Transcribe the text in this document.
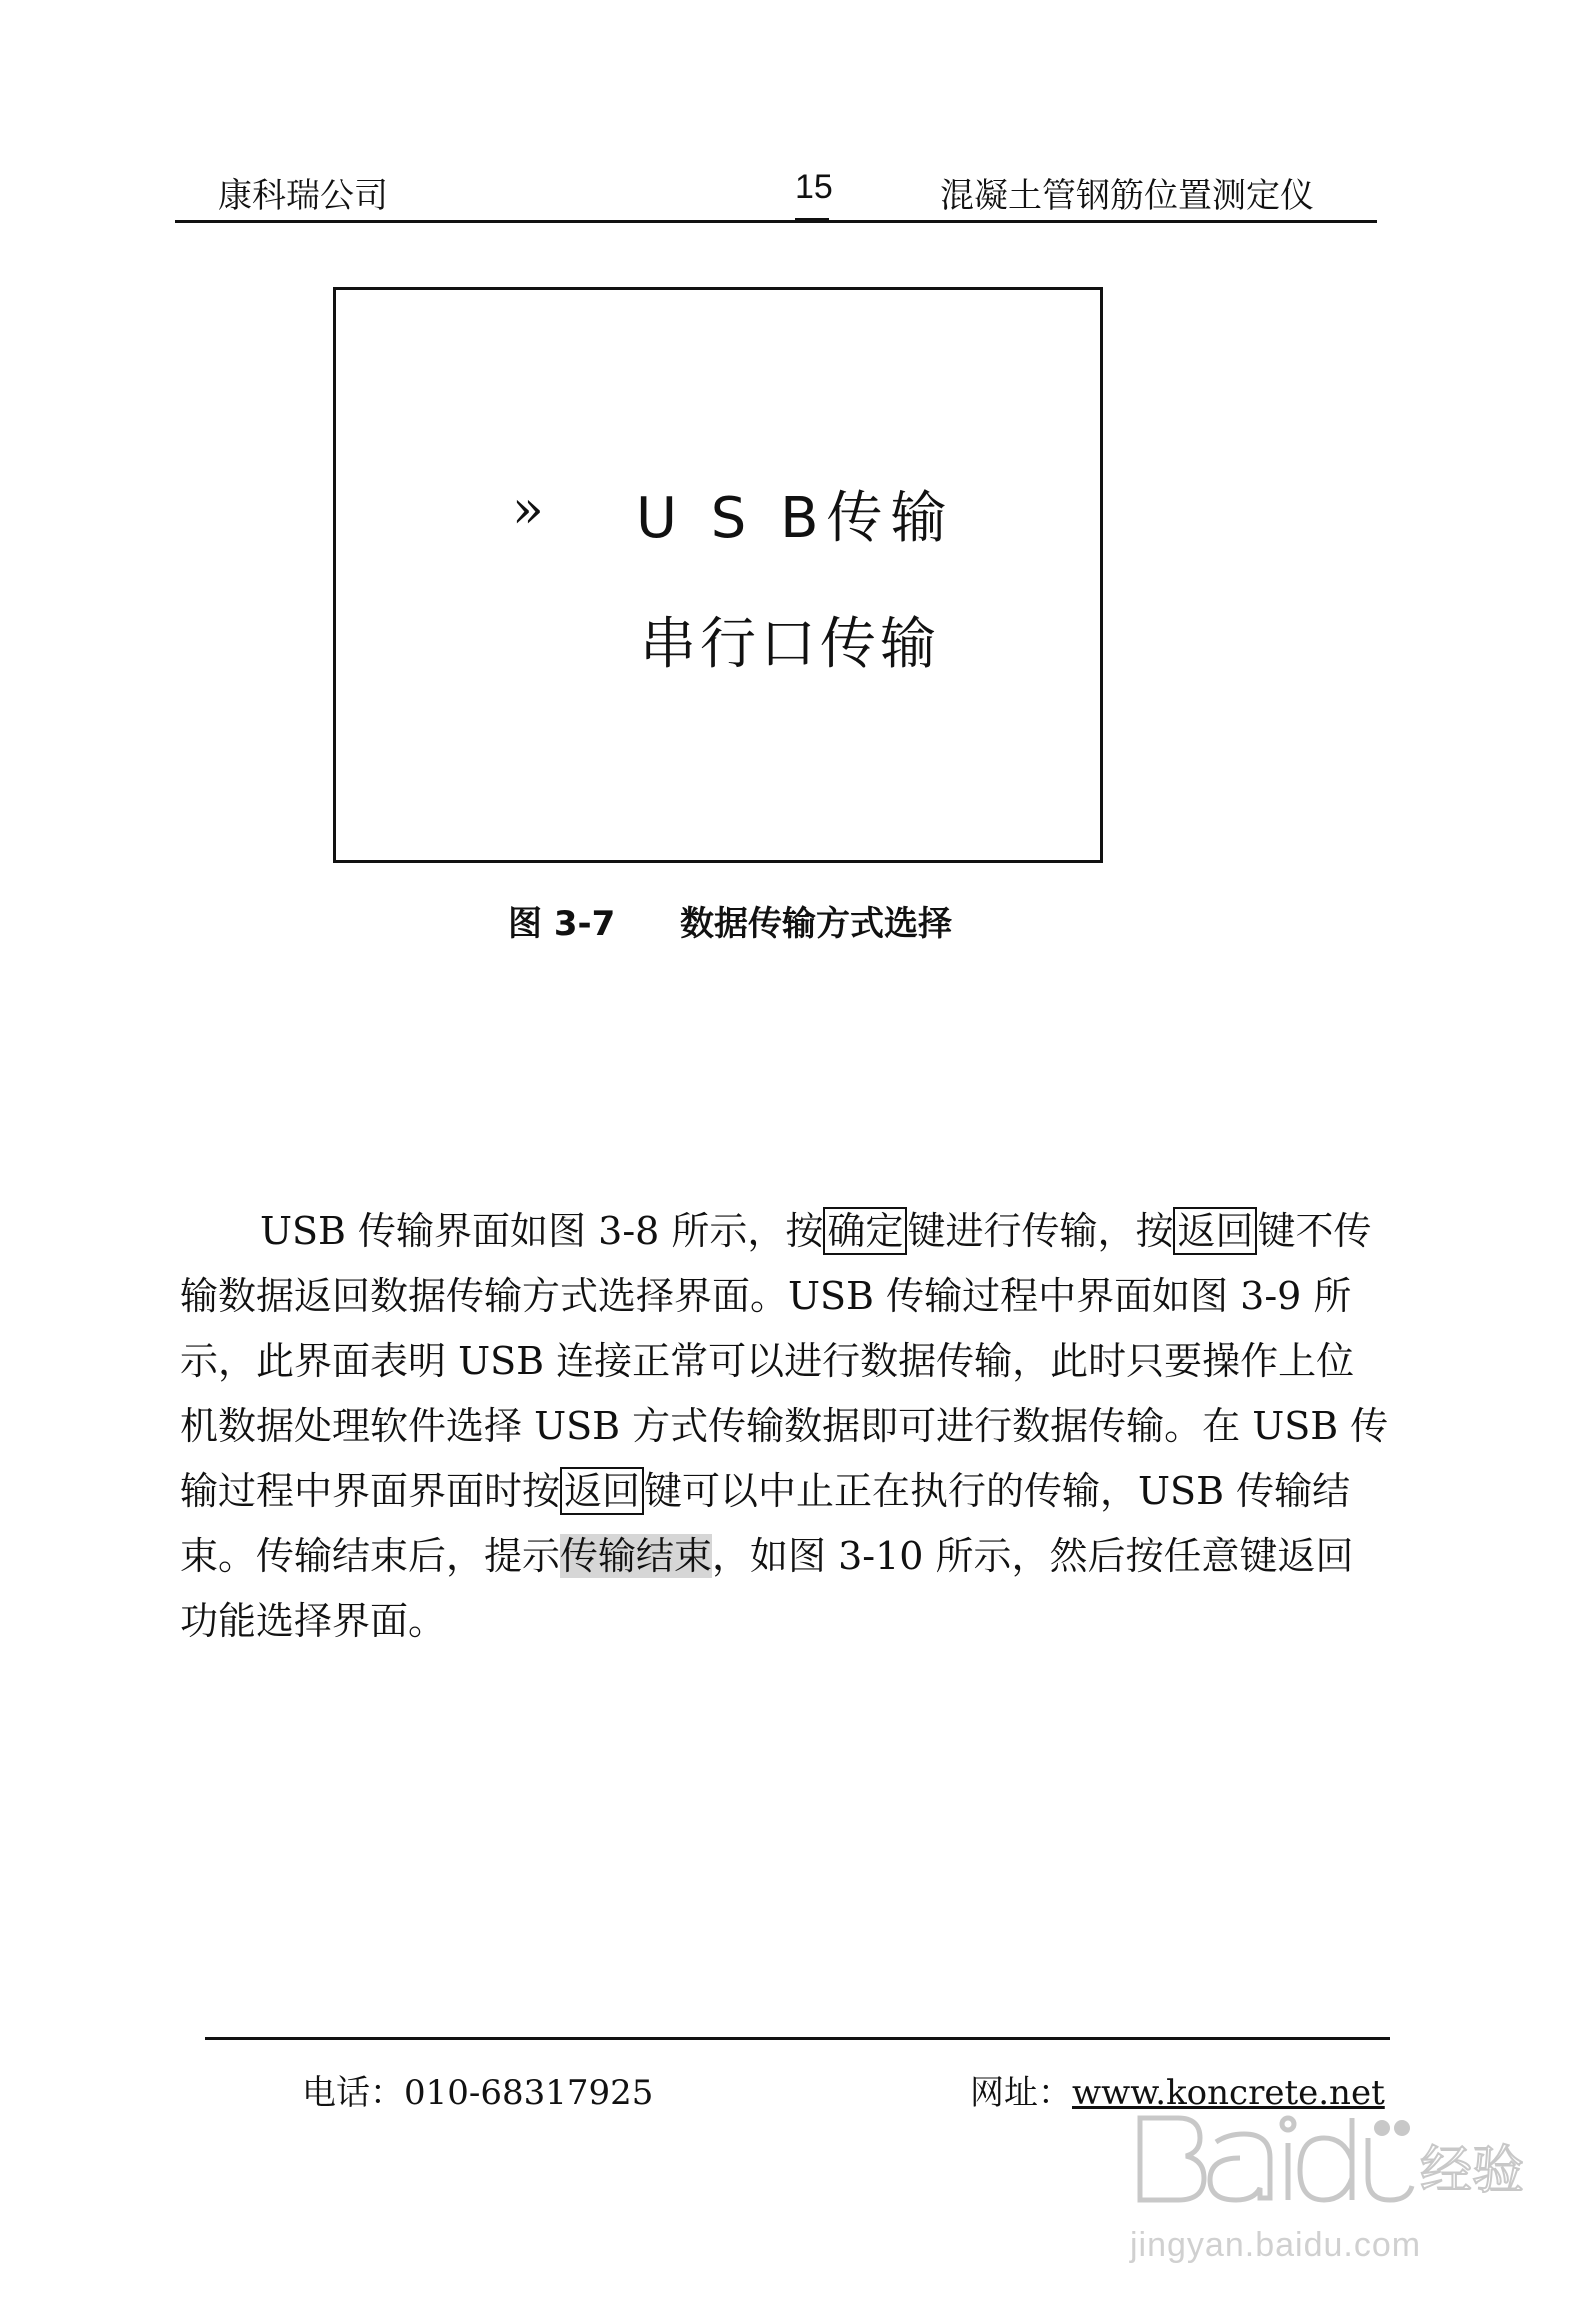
康科瑞公司	15	混凝土管钢筋位置测定仪
» U S B传输
串行口传输
图 3-7 数据传输方式选择
USB 传输界面如图 3-8 所示，按 确定 键进行传输，按 返回 键不传
输数据返回数据传输方式选择界面。USB 传输过程中界面如图 3-9 所
示，此界面表明 USB 连接正常可以进行数据传输，此时只要操作上位
机数据处理软件选择 USB 方式传输数据即可进行数据传输。在 USB 传
输过程中界面界面时按 返回 键可以中止正在执行的传输，USB 传输结
束。传输结束后，提示传输结束，如图 3-10 所示，然后按任意键返回
功能选择界面。
电话：010-68317925	网址：www.koncrete.net
经验
jingyan.baidu.com
